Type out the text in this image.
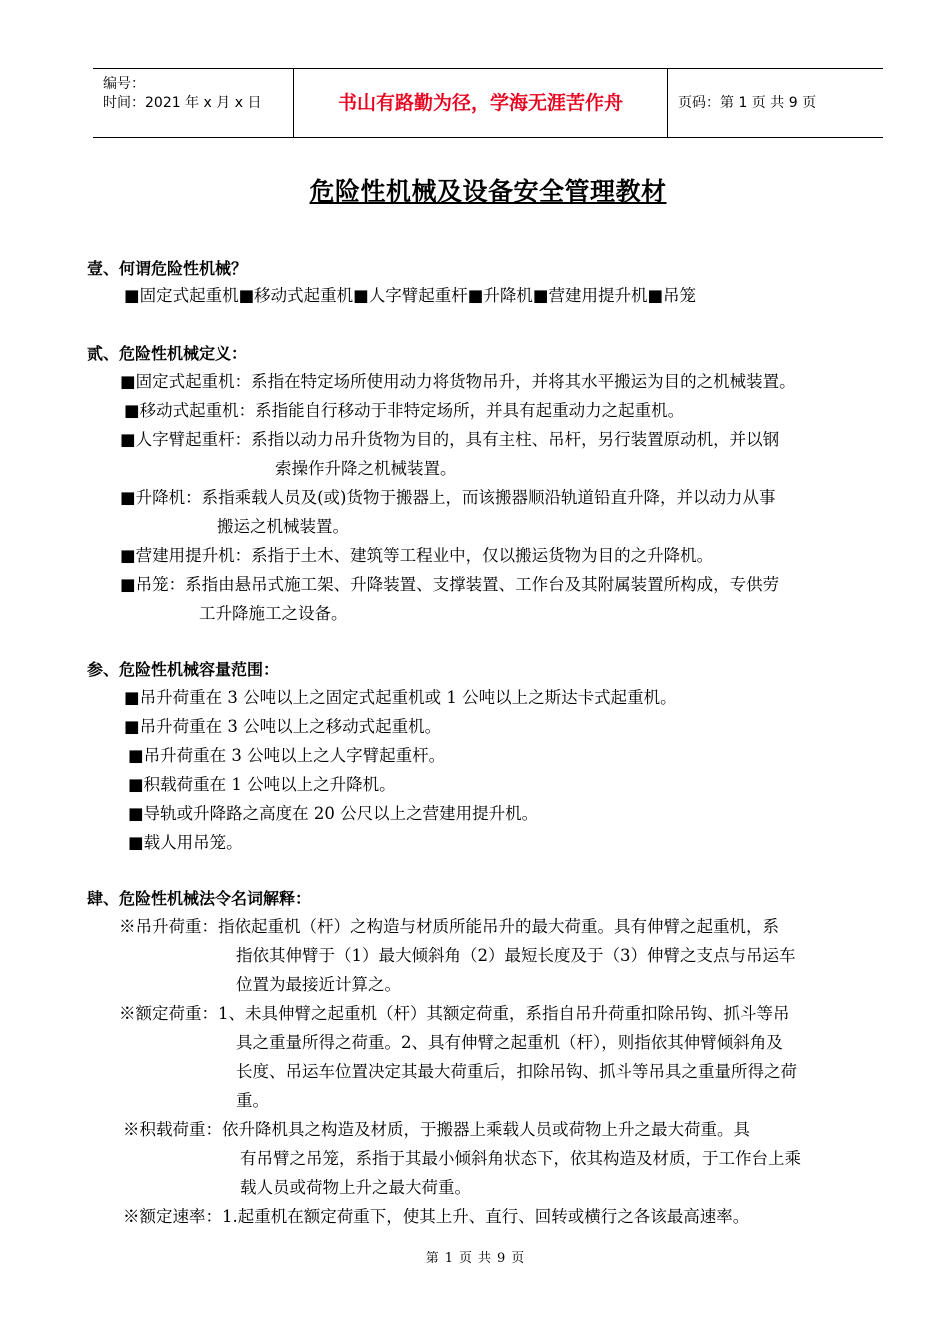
编号：
时间：2021 年 x 月 x 日	书山有路勤为径，学海无涯苦作舟	页码：第 1 页 共 9 页
危险性机械及设备安全管理教材
壹、何谓危险性机械？
■固定式起重机■移动式起重机■人字臂起重杆■升降机■营建用提升机■吊笼
贰、危险性机械定义：
■固定式起重机：系指在特定场所使用动力将货物吊升，并将其水平搬运为目的之机械装置。
■移动式起重机：系指能自行移动于非特定场所，并具有起重动力之起重机。
■人字臂起重杆：系指以动力吊升货物为目的，具有主柱、吊杆，另行装置原动机，并以钢
索操作升降之机械装置。
■升降机：系指乘载人员及(或)货物于搬器上，而该搬器顺沿轨道铅直升降，并以动力从事
搬运之机械装置。
■营建用提升机：系指于土木、建筑等工程业中，仅以搬运货物为目的之升降机。
■吊笼：系指由悬吊式施工架、升降装置、支撑装置、工作台及其附属装置所构成，专供劳
工升降施工之设备。
参、危险性机械容量范围：
■吊升荷重在 3 公吨以上之固定式起重机或 1 公吨以上之斯达卡式起重机。
■吊升荷重在 3 公吨以上之移动式起重机。
■吊升荷重在 3 公吨以上之人字臂起重杆。
■积载荷重在 1 公吨以上之升降机。
■导轨或升降路之高度在 20 公尺以上之营建用提升机。
■载人用吊笼。
肆、危险性机械法令名词解释：
※吊升荷重：指依起重机（杆）之构造与材质所能吊升的最大荷重。具有伸臂之起重机，系
指依其伸臂于（1）最大倾斜角（2）最短长度及于（3）伸臂之支点与吊运车
位置为最接近计算之。
※额定荷重：1、未具伸臂之起重机（杆）其额定荷重，系指自吊升荷重扣除吊钩、抓斗等吊
具之重量所得之荷重。2、具有伸臂之起重机（杆），则指依其伸臂倾斜角及
长度、吊运车位置决定其最大荷重后，扣除吊钩、抓斗等吊具之重量所得之荷
重。
※积载荷重：依升降机具之构造及材质，于搬器上乘载人员或荷物上升之最大荷重。具
有吊臂之吊笼，系指于其最小倾斜角状态下，依其构造及材质，于工作台上乘
载人员或荷物上升之最大荷重。
※额定速率：1.起重机在额定荷重下，使其上升、直行、回转或横行之各该最高速率。
第 1 页 共 9 页
